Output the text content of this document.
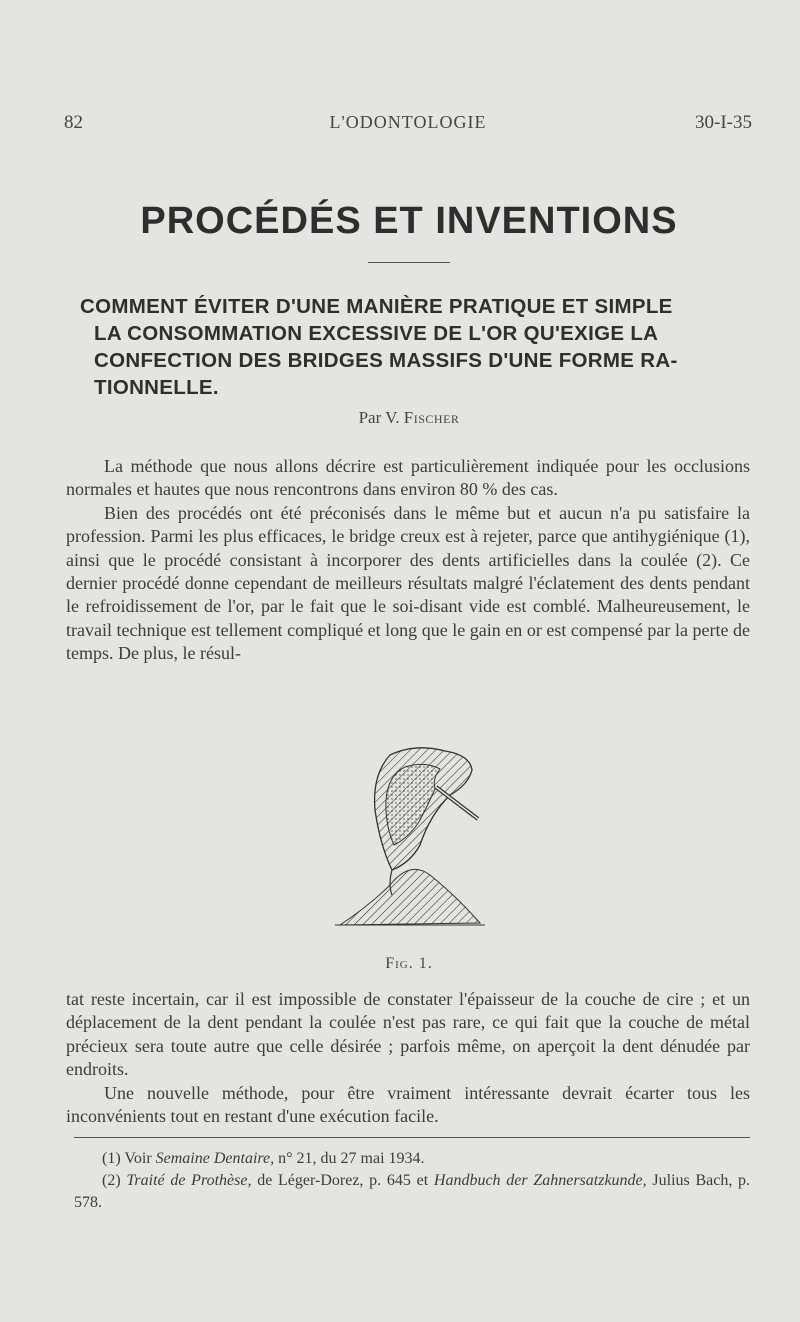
82	L'ODONTOLOGIE	30-I-35
PROCÉDÉS ET INVENTIONS
COMMENT ÉVITER D'UNE MANIÈRE PRATIQUE ET SIMPLE
LA CONSOMMATION EXCESSIVE DE L'OR QU'EXIGE LA
CONFECTION DES BRIDGES MASSIFS D'UNE FORME RA-
TIONNELLE.
Par V. Fischer

La méthode que nous allons décrire est particulièrement indiquée pour les occlusions normales et hautes que nous rencontrons dans environ 80 % des cas.

Bien des procédés ont été préconisés dans le même but et aucun n'a pu satisfaire la profession. Parmi les plus efficaces, le bridge creux est à rejeter, parce que antihygiénique (1), ainsi que le procédé consistant à incorporer des dents artificielles dans la coulée (2). Ce dernier procédé donne cependant de meilleurs résultats malgré l'éclatement des dents pendant le refroidissement de l'or, par le fait que le soi-disant vide est comblé. Malheureusement, le travail technique est tellement compliqué et long que le gain en or est compensé par la perte de temps. De plus, le résul-

Fig. 1.

tat reste incertain, car il est impossible de constater l'épaisseur de la couche de cire ; et un déplacement de la dent pendant la coulée n'est pas rare, ce qui fait que la couche de métal précieux sera toute autre que celle désirée ; parfois même, on aperçoit la dent dénudée par endroits.

Une nouvelle méthode, pour être vraiment intéressante devrait écarter tous les inconvénients tout en restant d'une exécution facile.

(1) Voir Semaine Dentaire, n° 21, du 27 mai 1934.

(2) Traité de Prothèse, de Léger-Dorez, p. 645 et Handbuch der Zahnersatzkunde, Julius Bach, p. 578.
